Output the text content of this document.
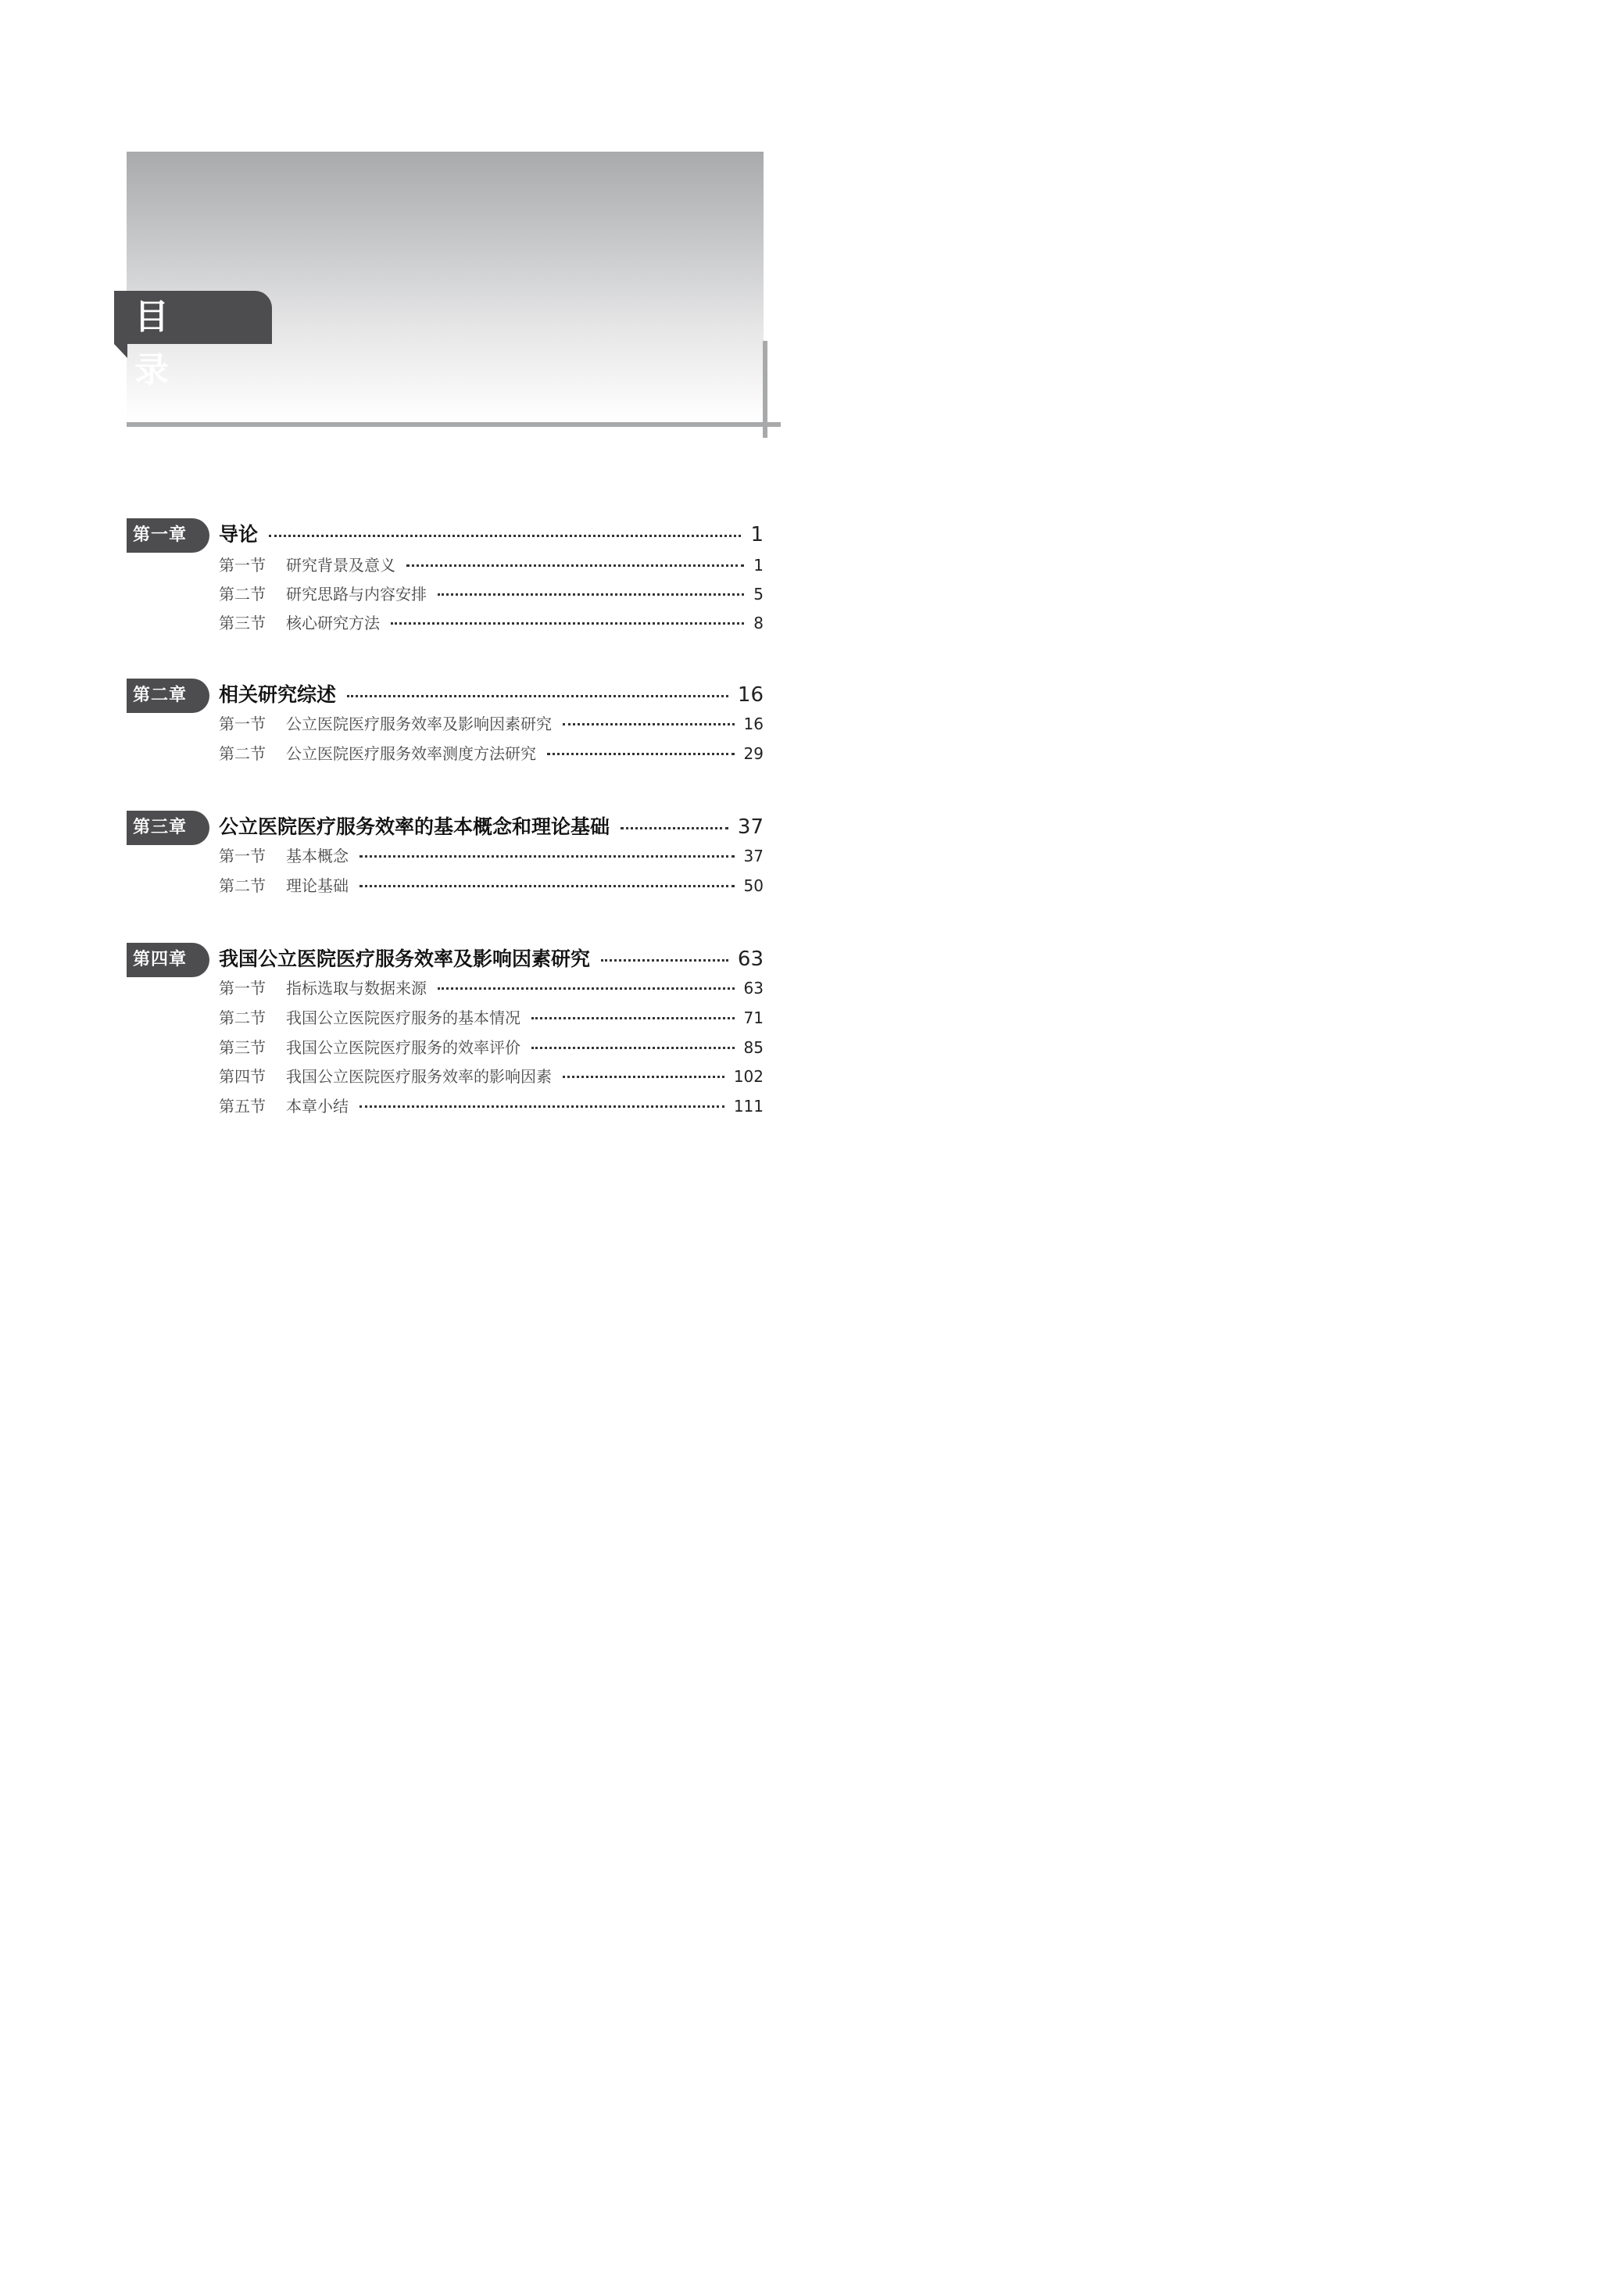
目 录
第一章	导论	1
第一节	研究背景及意义	1
第二节	研究思路与内容安排	5
第三节	核心研究方法	8
第二章	相关研究综述	16
第一节	公立医院医疗服务效率及影响因素研究	16
第二节	公立医院医疗服务效率测度方法研究	29
第三章	公立医院医疗服务效率的基本概念和理论基础	37
第一节	基本概念	37
第二节	理论基础	50
第四章	我国公立医院医疗服务效率及影响因素研究	63
第一节	指标选取与数据来源	63
第二节	我国公立医院医疗服务的基本情况	71
第三节	我国公立医院医疗服务的效率评价	85
第四节	我国公立医院医疗服务效率的影响因素	102
第五节	本章小结	111
